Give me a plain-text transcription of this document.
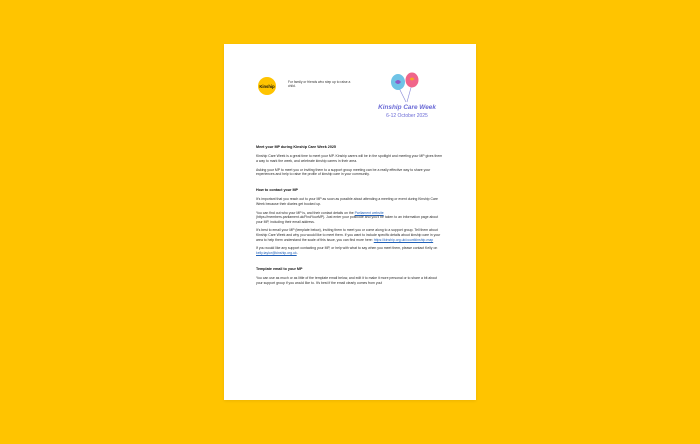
Kinship
For family or friends who step up to raise a child.
Kinship Care Week
6-12 October 2025
Meet your MP during Kinship Care Week 2025

Kinship Care Week is a great time to meet your MP. Kinship carers will be in the spotlight and meeting your MP gives them a way to mark the week, and celebrate kinship carers in their area.

Asking your MP to meet you or inviting them to a support group meeting can be a really effective way to share your experiences and help to raise the profile of kinship care in your community.

How to contact your MP

It's important that you reach out to your MP as soon as possible about attending a meeting or event during Kinship Care Week because their diaries get booked up.

You can find out who your MP is, and their contact details on the Parliament website (https://members.parliament.uk/FindYourMP). Just enter your postcode and you'll be taken to an information page about your MP, including their email address.

It's best to email your MP (template below), inviting them to meet you or come along to a support group. Tell them about Kinship Care Week and why you would like to meet them. If you want to include specific details about kinship care in your area to help them understand the scale of this issue, you can find more here: https://kinship.org.uk/countkinship-map

If you would like any support contacting your MP, or help with what to say when you meet them, please contact Kelly on kelly.taylor@kinship.org.uk.

Template email to your MP

You can use as much or as little of the template email below, and edit it to make it more personal or to share a bit about your support group if you would like to. It's best if the email clearly comes from you!
